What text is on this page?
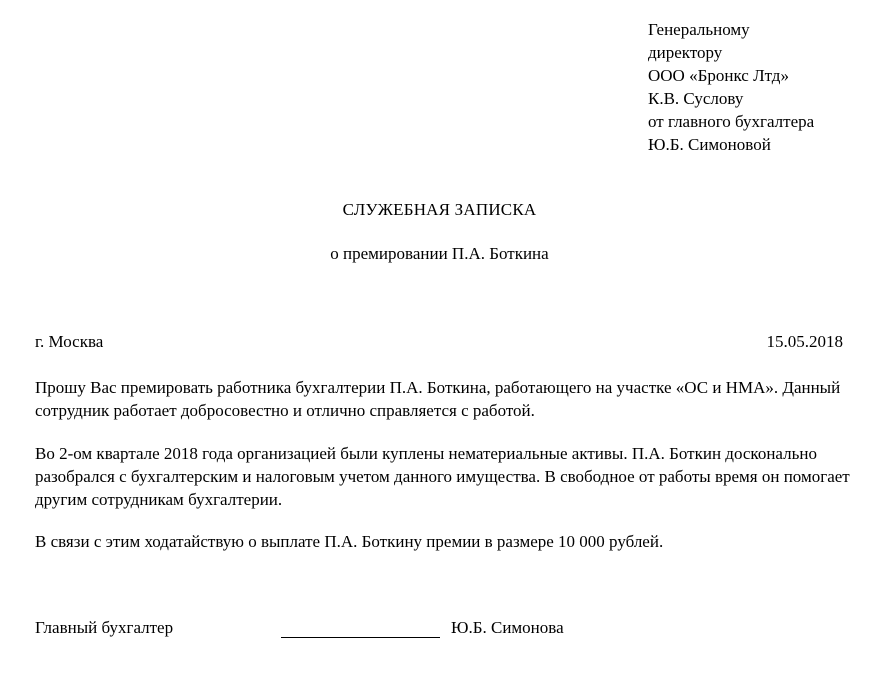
Генеральному
директору
ООО «Бронкс Лтд»
К.В. Суслову
от главного бухгалтера
Ю.Б. Симоновой
СЛУЖЕБНАЯ ЗАПИСКА
о премировании П.А. Боткина
г. Москва	15.05.2018
Прошу Вас премировать работника бухгалтерии П.А. Боткина, работающего на участке «ОС и НМА». Данный сотрудник работает добросовестно и отлично справляется с работой.
Во 2-ом квартале 2018 года организацией были куплены нематериальные активы. П.А. Боткин досконально разобрался с бухгалтерским и налоговым учетом данного имущества. В свободное от работы время он помогает другим сотрудникам бухгалтерии.
В связи с этим ходатайствую о выплате П.А. Боткину премии в размере 10 000 рублей.
Главный бухгалтер	Ю.Б. Симонова
